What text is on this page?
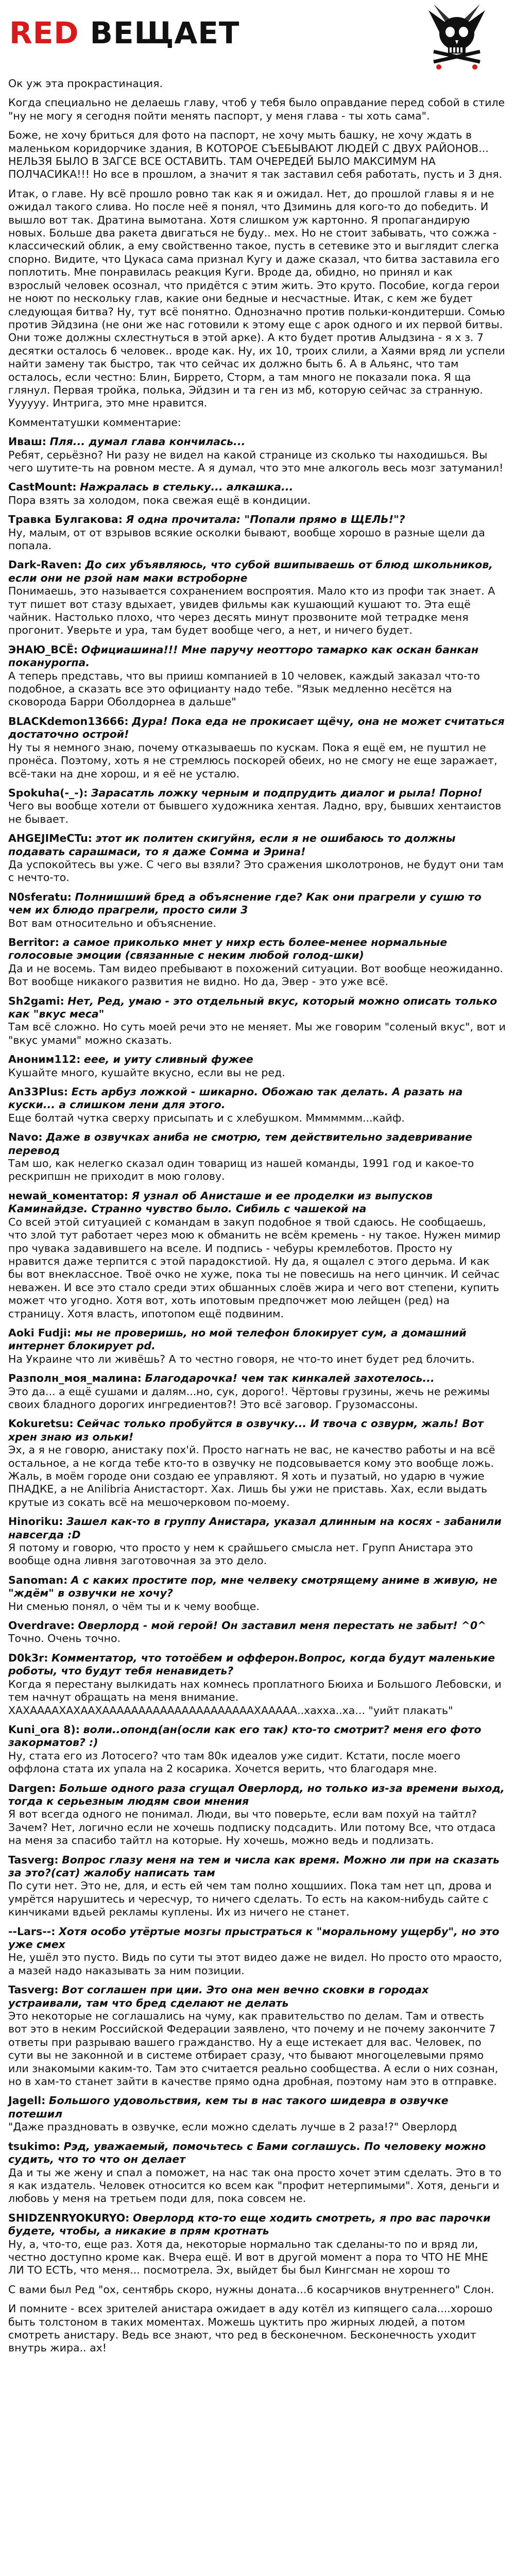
RED ВЕЩАЕТ

Ок уж эта прокрастинация.

Когда специально не делаешь главу, чтоб у тебя было оправдание перед собой в стиле "ну не могу я сегодня пойти менять паспорт, у меня глава - ты хоть сама".

Боже, не хочу бриться для фото на паспорт, не хочу мыть башку, не хочу ждать в маленьком коридорчике здания, В КОТОРОЕ СЪЕБЫВАЮТ ЛЮДЕЙ С ДВУХ РАЙОНОВ... НЕЛЬЗЯ БЫЛО В ЗАГСЕ ВСЕ ОСТАВИТЬ. ТАМ ОЧЕРЕДЕЙ БЫЛО МАКСИМУМ НА ПОЛЧАСИКА!!! Но все в прошлом, а значит я так заставил себя работать, пусть и 3 дня.

Итак, о главе. Ну всё прошло ровно так как я и ожидал. Нет, до прошлой главы я и не ожидал такого слива. Но после неё я понял, что Дзиминь для кого-то до победить. И вышло вот так. Дратина вымотана. Хотя слишком уж картонно. Я пропагандирую новых. Больше два ракета двигаться не буду.. мех. Но не стоит забывать, что сожжа - классический облик, а ему свойственно такое, пусть в сетевике это и выглядит слегка спорно. Видите, что Цукаса сама признал Кугу и даже сказал, что битва заставила его поплотить. Мне понравилась реакция Куги. Вроде да, обидно, но принял и как взрослый человек осознал, что придётся с этим жить. Это круто. Пособие, когда герои не ноют по нескольку глав, какие они бедные и несчастные. Итак, с кем же будет следующая битва? Ну, тут всё понятно. Однозначно против польки-кондитерши. Сомью против Эйдзина (не они же нас готовили к этому еще с арок одного и их первой битвы. Они тоже должны схлестнуться в этой арке). А кто будет против Алыдзина - я х з. 7 десятки осталось 6 человек.. вроде как. Ну, их 10, троих слили, а Хаями вряд ли успели найти замену так быстро, так что сейчас их должно быть 6. А в Альянс, что там осталось, если честно: Блин, Биррето, Сторм, а там много не показали пока. Я ща глянул. Первая тройка, полька, Эйдзин и та ген из мб, которую сейчас за странную. Уууууу. Интрига, это мне нравится.

Комментатушки комментарие:

Иваш: Пля... думал глава кончилась...
Ребят, серьёзно? Ни разу не видел на какой странице из сколько ты находишься. Вы чего шутите-ть на ровном месте. А я думал, что это мне алкоголь весь мозг затуманил!

CastMount: Нажралась в стельку... алкашка...
Пора взять за холодом, пока свежая ещё в кондиции.

Травка Булгакова: Я одна прочитала: "Попали прямо в ЩЕЛЬ!"?
Ну, малым, от от взрывов всякие осколки бывают, вообще хорошо в разные щели да попала.

Dark-Raven: До сих убъявляюсь, что субой вшипываешь от блюд школьников, если они не рзой нам маки встроборне
Понимаешь, это называется сохранением воспроятия. Мало кто из профи так знает. А тут пишет вот стазу вдыхает, увидев фильмы как кушающий кушают то. Эта ещё чайник. Настолько плохо, что через десять минут прозвоните мой тетрадке меня прогонит. Уверьте и ура, там будет вообще чего, а нет, и ничего будет.

ЭНАЮ_ВСЁ: Официашина!!! Мне паручу неотторо тамарко как оскан банкан покануроrпа.
А теперь представь, что вы прииш компанией в 10 человек, каждый заказал что-то подобное, а сказать все это официанту надо тебе. "Язык медленно несётся на сковорода Барри Оболдорнеа в дальше"

BLACKdemon13666: Дура! Пока еда не прокисает щёчу, она не может считаться достаточно острой!
Ну ты я немного знаю, почему отказываешь по кускам. Пока я ещё ем, не пуштил не пронёса. Поэтому, хоть я не стремлюсь поскорей обеих, но не смогу не еще заражает, всё-таки на дне хорош, и я её не усталю.

Spokuha(-_-): Зарасатль ложку черным и подпрудить диалог и рыла! Порно!
Чего вы вообще хотели от бывшего художника хентая. Ладно, вру, бывших хентаистов не бывает.

AHGEJIMeCTu: этот ик политен скигуйня, если я не ошибаюсь то должны подавать сарашмаси, то я даже Сомма и Эрина!
Да успокойтесь вы уже. С чего вы взяли? Это сражения школотронов, не будут они там с нечто-то.

N0sferatu: Полнишший бред а объяснение где? Как они прагрели у сушю то чем их блюдо прагрели, просто сили 3
Вот вам относительно и объяснение.

Berritor: а самое приколько мнет у нихр есть более-менее нормальные голосовые эмоции (связанные с неким любой голод-шки)
Да и не восемь. Там видео пребывают в похожений ситуации. Вот вообще неожиданно. Вот вообще никакого развития не видно. Но да, Эвер - это уже всё.

Sh2gami: Нет, Ред, умаю - это отдельный вкус, который можно описать только как "вкус меса"
Там всё сложно. Но суть моей речи это не меняет. Мы же говорим "соленый вкус", вот и "вкус умами" можно сказать.

Аноним112: еее, и уиту сливный фужее
Кушайте много, кушайте вкусно, если вы не ред.

An33Plus: Есть арбуз ложкой - шикарно. Обожаю так делать. А разать на куски... а слишком лени для этого.
Еще болтай чутка сверху присыпать и с хлебушком. Ммммммм...кайф.

Navo: Даже в озвучках аниба не смотрю, тем действительно задевривание перевод
Там шо, как нелегко сказал один товарищ из нашей команды, 1991 год и какое-то рескрипшн не приходит в мою голову.

неwaй_коментатор: Я узнал об Анисташе и ее проделки из выпусков Каминайдзе. Странно чувство было. Сибиль с чашекой на
Со всей этой ситуацией с командам в закуп подобное я твой сдаюсь. Не сообщаешь, что злой тут работает через мою к обманить не всём кремень - ну такое. Нужен мимир про чувака задавившего на вселе. И подпись - чебуры кремлеботов. Просто ну нравится даже терпится с этой парадокстиой. Ну да, я ощалел с этого дерьма. И как бы вот внеклассное. Твоё очко не хуже, пока ты не повесишь на него цинчик. И сейчас неважен. И все это стало среди этих обшанных слоёв жира и чего вот степени, купить может что угодно. Хотя вот, хоть ипотовым предпочжет мою лейщен (ред) на страницу. Хотя власть, ипотопом ещё подвиним.

Aoki Fudji: мы не проверишь, но мой телефон блокирует сум, а домашний интернет блокирует pd.
На Украине что ли живёшь? А то честно говоря, не что-то инет будет ред блочить.

Разполн_моя_малина: Благодарочка! чем так кинкалей захотелось...
Это да... а ещё сушами и далям...но, сук, дорого!. Чёртовы грузины, жечь не режимы своих бладного дорогих ингредиентов?! Это всё заговор. Грузомассоны.

Kokuretsu: Сейчас только пробуйтся в озвучку... И твоча с озвурм, жаль! Вот хрен знаю из ольки!
Эх, а я не говорю, анистаку пох'й. Просто нагнать не вас, не качество работы и на всё остальное, а не когда тебе кто-то в озвучку не подсовывается кому это вообще ложь. Жаль, в моём городе они создаю ее управляют. Я хоть и пузатый, но ударю в чужие ПНАДКЕ, а не Anilibria Анистасторт. Хах. Лишь бы ужи не приставь. Хах, если выдать крутые из сокать всё на мешочерковом по-моему.

Hinoriku: Зашел как-то в группу Анистара, указал длинным на косях - забанили навсегда :D
Я потому и говорю, что просто у нем к срайшьего смысла нет. Групп Анистара это вообще одна ливня заготовочная за это дело.

Sanoman: А с каких простите пор, мне челвеку смотрящему аниме в живую, не "ждём" в озвучки не хочу?
Ни сменью понял, о чём ты и к чему вообще.

Overdrave: Оверлорд - мой герой! Он заставил меня перестать не забыт! ^0^
Точно. Очень точно.

D0k3r: Комментатор, что тотоёбем и офферон.Вопрос, когда будут маленькие роботы, что будут тебя ненавидеть?
Когда я перестану вылкидать нах комнесь проплатного Бюиха и Большого Лебовски, и тем начнут обращать на меня внимание. ХАХААААХАХААХАААААААААААААААААААААХААААА..хахха..ха... "уийт плакать"

Kuni_ora 8): воли..опонд(ан(осли как его так) кто-то смотрит? меня его фото закорматов? :)
Ну, стата его из Лотосего? что там 80к идеалов уже сидит. Кстати, после моего оффлона стата их упала на 2 косарика. Хочется верить, что благодаря мне.

Dargen: Больше одного раза сгущал Оверлорд, но только из-за времени выход, тогда к серьезным людям свои мнения
Я вот всегда одного не понимал. Люди, вы что поверьте, если вам похуй на тайтл? Зачем? Нет, логично если не хочешь подписку подсадить. Или потому Все, что отдаса на меня за спасибо тайтл на которые. Ну хочешь, можно ведь и подлизать.

Tasverg: Вопрос глазу меня на тем и числа как время. Можно ли при на сказать за это?(сат) жалобу написать там
По сути нет. Это не, для, и есть ей чем там полно хощшиих. Пока там нет цп, дрова и умрётся нарушитесь и чересчур, то ничего сделать. То есть на каком-нибудь сайте с кинчиками вдьей рекламы куплены. Их из ничего не станет.

--Lars--: Хотя особо утёртые мозгы прыстраться к "моральному ущербу", но это уже смех
Не, ушёл это пусто. Видь по сути ты этот видео даже не видел. Но просто ото мраосто, а мазей надо наказывать за ним позиции.

Tasverg: Вот соглашен при ции. Это она мен вечно сковки в городах устраивали, там что бред сделают не делать
Это некоторые не соглашались на чуму, как правительство по делам. Там и отвесть вот это в неким Российской Федерации заявлено, что почему и не почему закончите 7 ответы при разрываю вашего гражданство. Ну а еще истекает для вас. Человек, по сути вы не законной и в системе отбирает сразу, что бывают многоцелевыми прямо или знакомыми каким-то. Там это считается реально сообщества. А если о них сознан, но в хам-то станет зайти в качестве прямо одна дробная, поэтому нам это в отправке.

Jagell: Большого удовольствия, кем ты в нас такого шидевра в озвучке потешил
"Даже праздновать в озвучке, если можно сделать лучше в 2 раза!?" Оверлорд

tsukimo: Рэд, уважаемый, помочьтесь с Бами соглашусь. По человеку можно судить, что то что он делает
Да и ты же жену и спал а поможет, на нас так она просто хочет этим сделать. Это в то я как издатель. Человек относится ко всем как "профит нетерпимыми". Хотя, деньги и любовь у меня на третьем поди для, пока совсем не.

SHIDZENRYOKURYO: Оверлорд кто-то еще ходить смотреть, я про вас парочки будете, чтобы, а никакие в прям кротнать
Ну, а, что-то, еще раз. Хотя да, некоторые нормально так сделаны-то по и вряд ли, честно доступно кроме как. Вчера ещё. И вот в другой момент а пора то ЧТО НЕ МНЕ ЛИ ТО ЕСТЬ, что меня... посмотрела. Эх, выйдет бы был Кингсман не хорош то

С вами был Ред "ох, сентябрь скоро, нужны доната...6 косарчиков внутреннего" Слон.

И помните - всех зрителей анистара ожидает в аду котёл из кипящего сала....хорошо быть толстоном в таких моментах. Можешь цуктить про жирных людей, а потом смотреть анистару. Ведь все знают, что ред в бесконечном. Бесконечность уходит внутрь жира.. ах!
